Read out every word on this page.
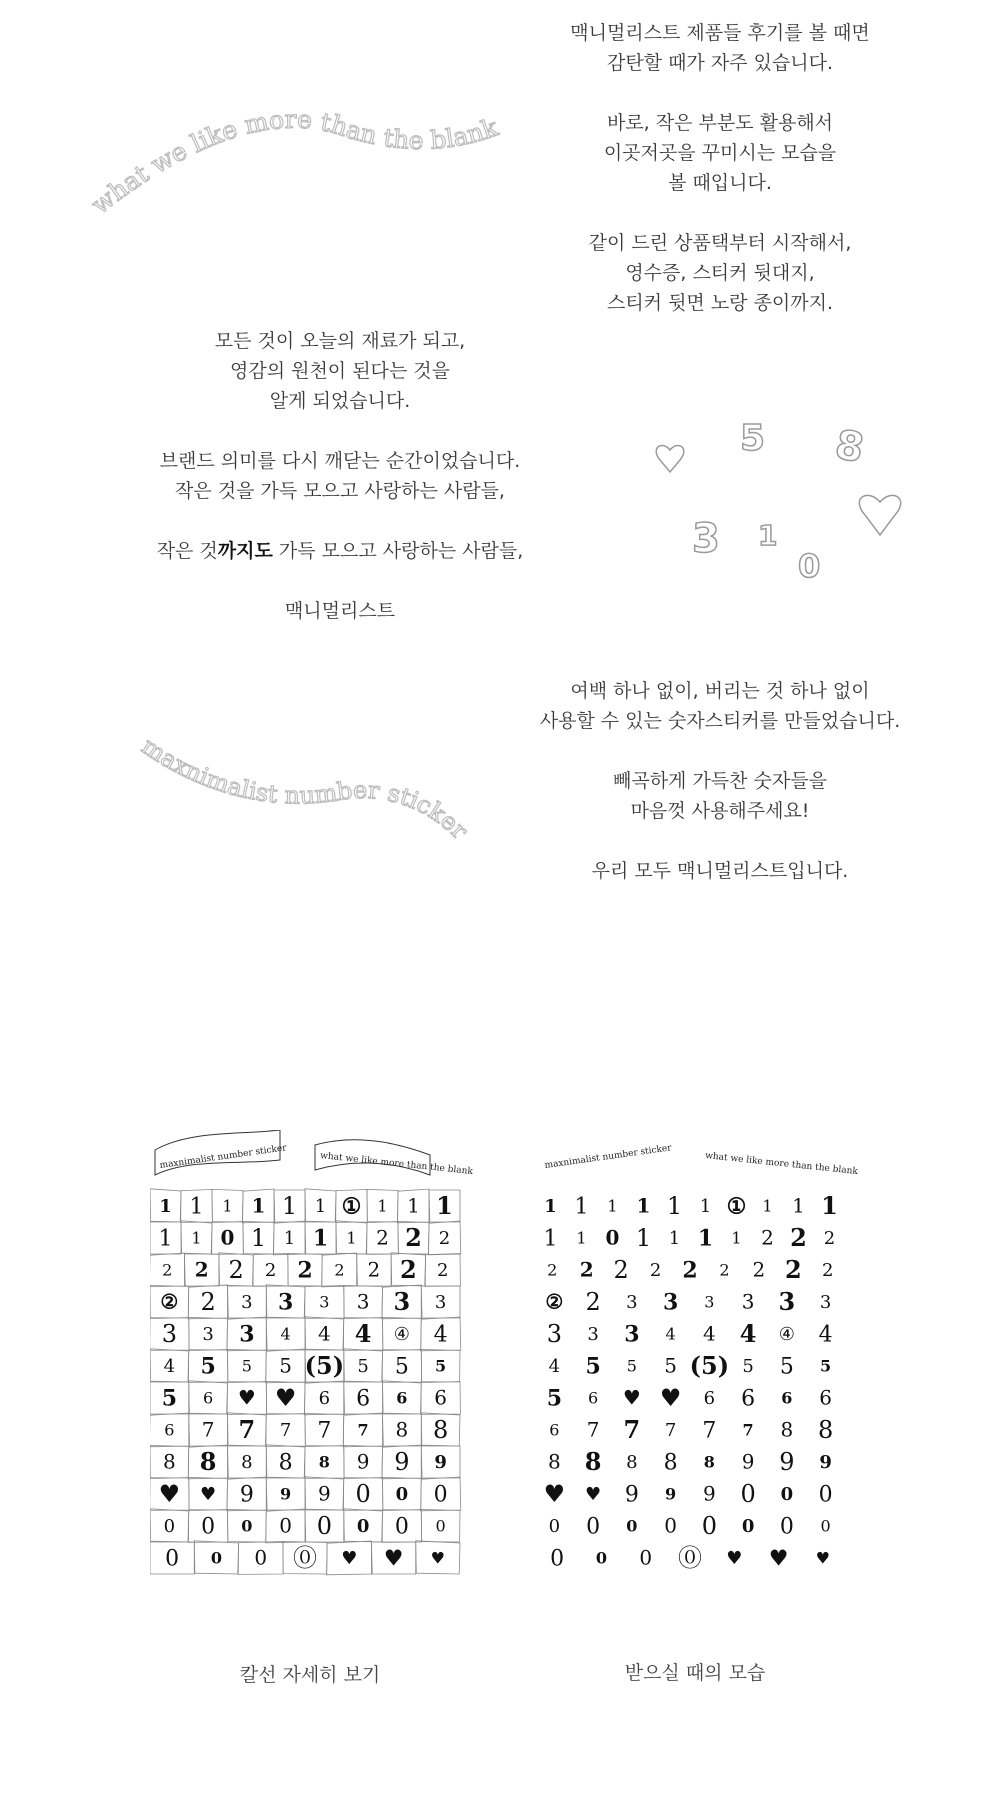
맥니멀리스트 제품들 후기를 볼 때면
감탄할 때가 자주 있습니다.

바로, 작은 부분도 활용해서
이곳저곳을 꾸미시는 모습을
볼 때입니다.

같이 드린 상품택부터 시작해서,
영수증, 스티커 뒷대지,
스티커 뒷면 노랑 종이까지.
what we like more than the blank

모든 것이 오늘의 재료가 되고,
영감의 원천이 된다는 것을
알게 되었습니다.

브랜드 의미를 다시 깨닫는 순간이었습니다.
작은 것을 가득 모으고 사랑하는 사람들,

작은 것까지도 가득 모으고 사랑하는 사람들,

맥니멀리스트

5 8
3 1
0
여백 하나 없이, 버리는 것 하나 없이
사용할 수 있는 숫자스티커를 만들었습니다.

빼곡하게 가득찬 숫자들을
마음껏 사용해주세요!

우리 모두 맥니멀리스트입니다.
maxnimalist number sticker
maxnimalist number sticker	what we like more than the blank
1 1 1 1 1 1 ① 1 1 1
1 1 0 1 1 1 1 2 2 2
2 2 2 2 2 2 2 2 2
② 2 3 3 3 3 3 3
3 3 3 4 4 4 ④ 4
4 5 5 5 (5) 5 5 5
5 6 ♥ ♥ 6 6 6 6
6 7 7 7 7 7 8 8
8 8 8 8 8 9 9 9
♥ ♥ 9 9 9 0 0 0
0 0 0 0 0 0 0 0
0 0 0 ⓪ ♥ ♥ ♥
maxnimalist number sticker	what we like more than the blank
1 1 1 1 1 1 ① 1 1 1
1 1 0 1 1 1 1 2 2 2
2 2 2 2 2 2 2 2 2
② 2 3 3 3 3 3 3
3 3 3 4 4 4 ④ 4
4 5 5 5 (5) 5 5 5
5 6 ♥ ♥ 6 6 6 6
6 7 7 7 7 7 8 8
8 8 8 8 8 9 9 9
♥ ♥ 9 9 9 0 0 0
0 0 0 0 0 0 0 0
0 0 0 ⓪ ♥ ♥ ♥
칼선 자세히 보기	받으실 때의 모습
